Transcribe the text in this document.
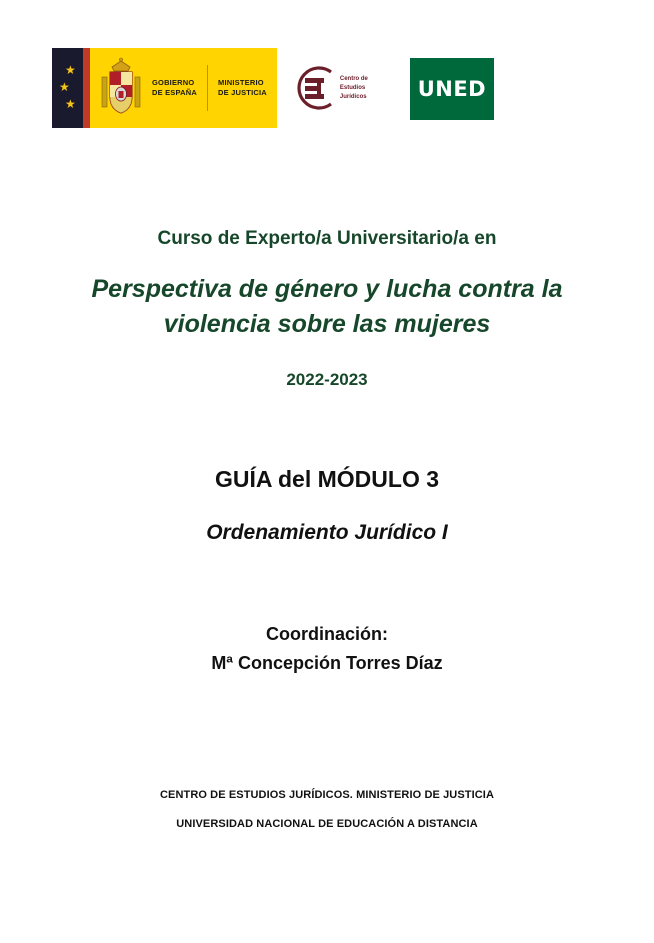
★
★
★
GOBIERNO
DE ESPAÑA
MINISTERIO
DE JUSTICIA
Centro de
Estudios
Jurídicos UNED
Curso de Experto/a Universitario/a en
Perspectiva de género y lucha contra la violencia sobre las mujeres
2022-2023
GUÍA del MÓDULO 3
Ordenamiento Jurídico I
Coordinación:
Mª Concepción Torres Díaz
CENTRO DE ESTUDIOS JURÍDICOS. MINISTERIO DE JUSTICIA
UNIVERSIDAD NACIONAL DE EDUCACIÓN A DISTANCIA
